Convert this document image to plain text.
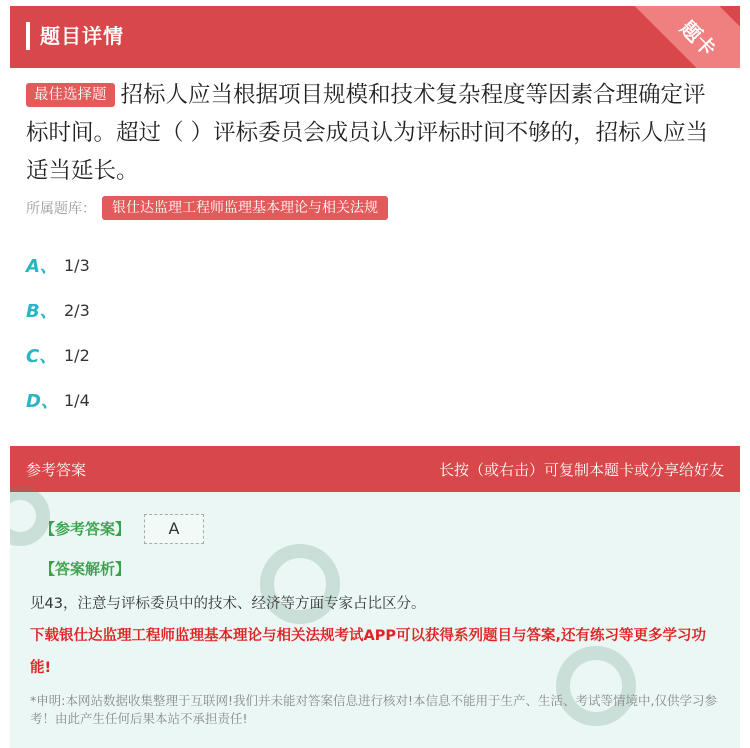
题目详情	题卡
最佳选择题 招标人应当根据项目规模和技术复杂程度等因素合理确定评标时间。超过（ ）评标委员会成员认为评标时间不够的，招标人应当适当延长。
所属题库：	银仕达监理工程师监理基本理论与相关法规
A、 1/3
B、 2/3
C、 1/2
D、 1/4
参考答案	长按（或右击）可复制本题卡或分享给好友
【参考答案】	A
【答案解析】
见43，注意与评标委员中的技术、经济等方面专家占比区分。
下载银仕达监理工程师监理基本理论与相关法规考试APP可以获得系列题目与答案,还有练习等更多学习功能!
*申明:本网站数据收集整理于互联网!我们并未能对答案信息进行核对!本信息不能用于生产、生活、考试等情境中,仅供学习参考！由此产生任何后果本站不承担责任!
